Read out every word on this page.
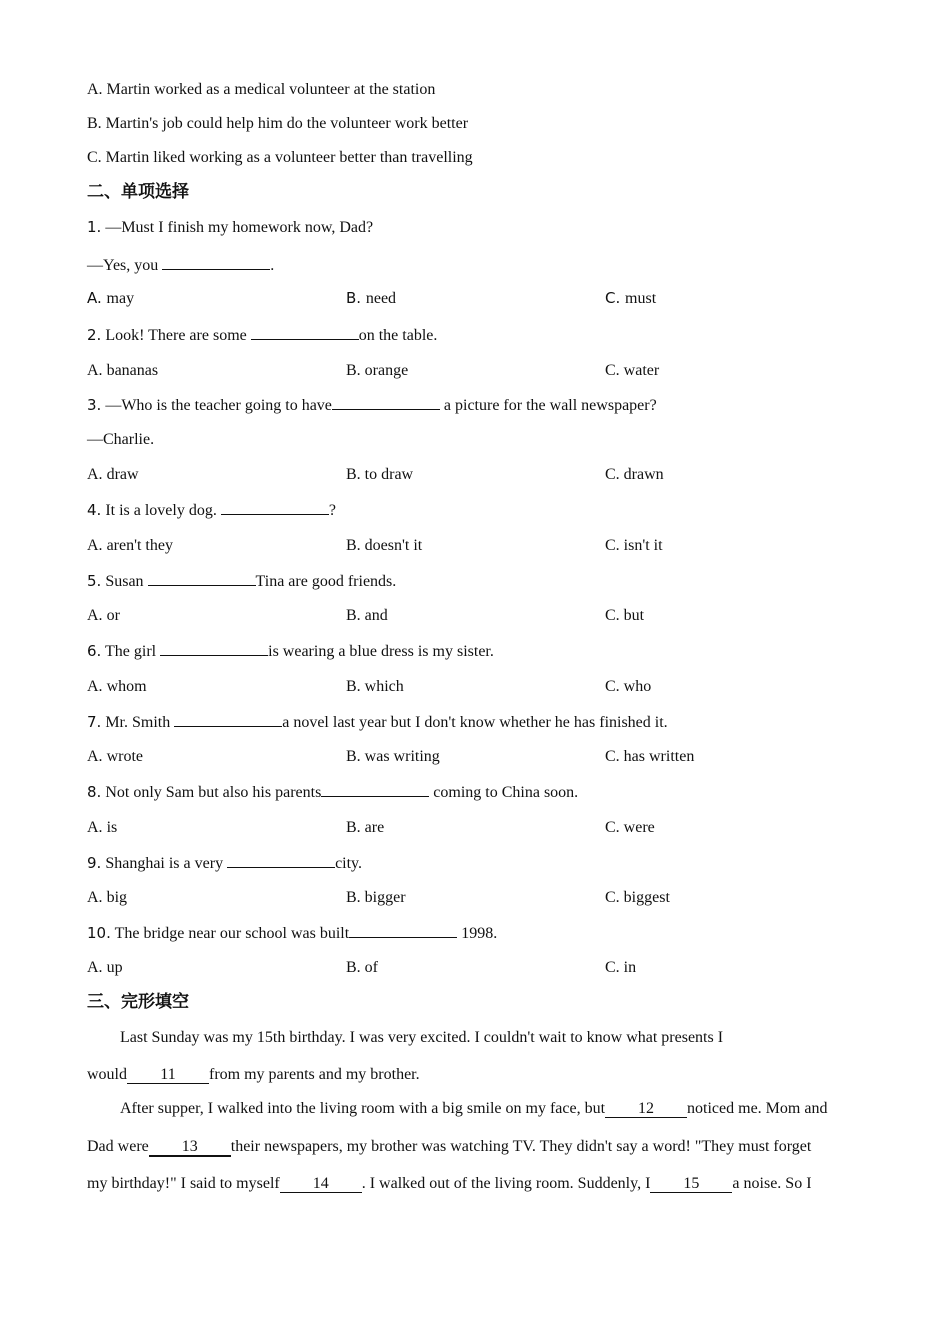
A. Martin worked as a medical volunteer at the station
B. Martin's job could help him do the volunteer work better
C. Martin liked working as a volunteer better than travelling
二、单项选择
1. —Must I finish my homework now, Dad?
—Yes, you	.
A. may	B. need	C. must
2. Look! There are some	on the table.
A. bananas	B. orange	C. water
3. —Who is the teacher going to have	a picture for the wall newspaper?
—Charlie.
A. draw	B. to draw	C. drawn
4. It is a lovely dog.	?
A. aren't they	B. doesn't it	C. isn't it
5. Susan	Tina are good friends.
A. or	B. and	C. but
6. The girl	is wearing a blue dress is my sister.
A. whom	B. which	C. who
7. Mr. Smith	a novel last year but I don't know whether he has finished it.
A. wrote	B. was writing	C. has written
8. Not only Sam but also his parents	coming to China soon.
A. is	B. are	C. were
9. Shanghai is a very	city.
A. big	B. bigger	C. biggest
10. The bridge near our school was built	1998.
A. up	B. of	C. in
三、完形填空
Last Sunday was my 15th birthday. I was very excited. I couldn't wait to know what presents I
would 11 from my parents and my brother.
After supper, I walked into the living room with a big smile on my face, but 12 noticed me. Mom and
Dad were 13 their newspapers, my brother was watching TV. They didn't say a word! "They must forget
my birthday!" I said to myself 14 . I walked out of the living room. Suddenly, I 15 a noise. So I
